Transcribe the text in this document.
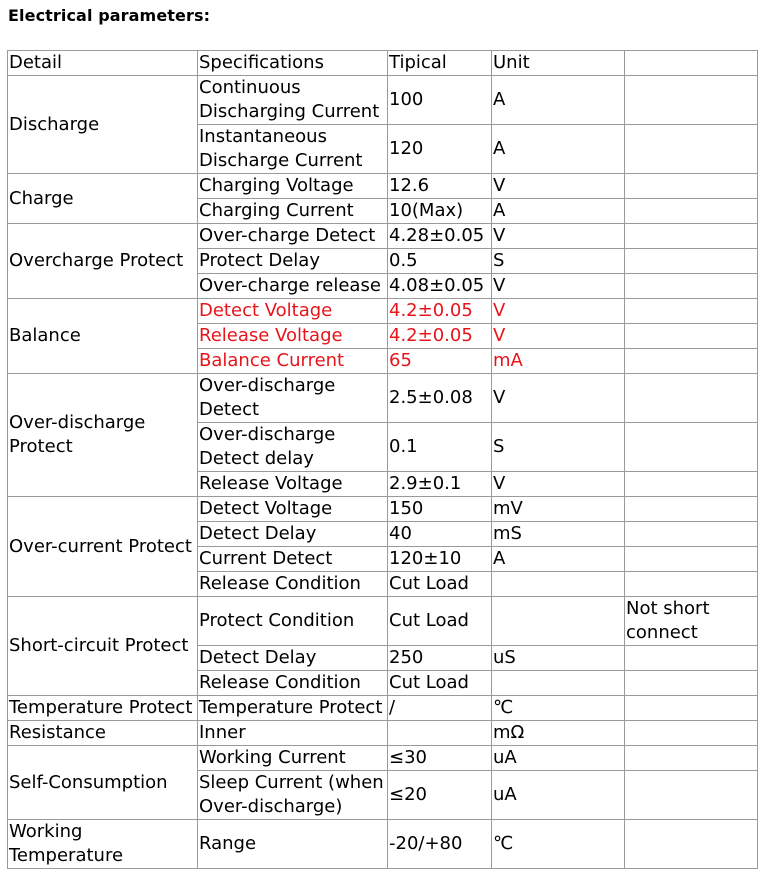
Electrical parameters:
Detail	Specifications	Tipical	Unit	
Discharge	Continuous Discharging Current	100	A	
	Instantaneous Discharge Current	120	A	
Charge	Charging Voltage	12.6	V	
	Charging Current	10(Max)	A	
Overcharge Protect	Over-charge Detect	4.28±0.05	V	
	Protect Delay	0.5	S	
	Over-charge release	4.08±0.05	V	
Balance	Detect Voltage	4.2±0.05	V	
	Release Voltage	4.2±0.05	V	
	Balance Current	65	mA	
Over-discharge Protect	Over-discharge Detect	2.5±0.08	V	
	Over-discharge Detect delay	0.1	S	
	Release Voltage	2.9±0.1	V	
Over-current Protect	Detect Voltage	150	mV	
	Detect Delay	40	mS	
	Current Detect	120±10	A	
	Release Condition	Cut Load		
Short-circuit Protect	Protect Condition	Cut Load		Not short connect
	Detect Delay	250	uS	
	Release Condition	Cut Load		
Temperature Protect	Temperature Protect	/	℃	
Resistance	Inner		mΩ	
Self-Consumption	Working Current	≤30	uA	
	Sleep Current (when Over-discharge)	≤20	uA	
Working Temperature	Range	-20/+80	℃	
